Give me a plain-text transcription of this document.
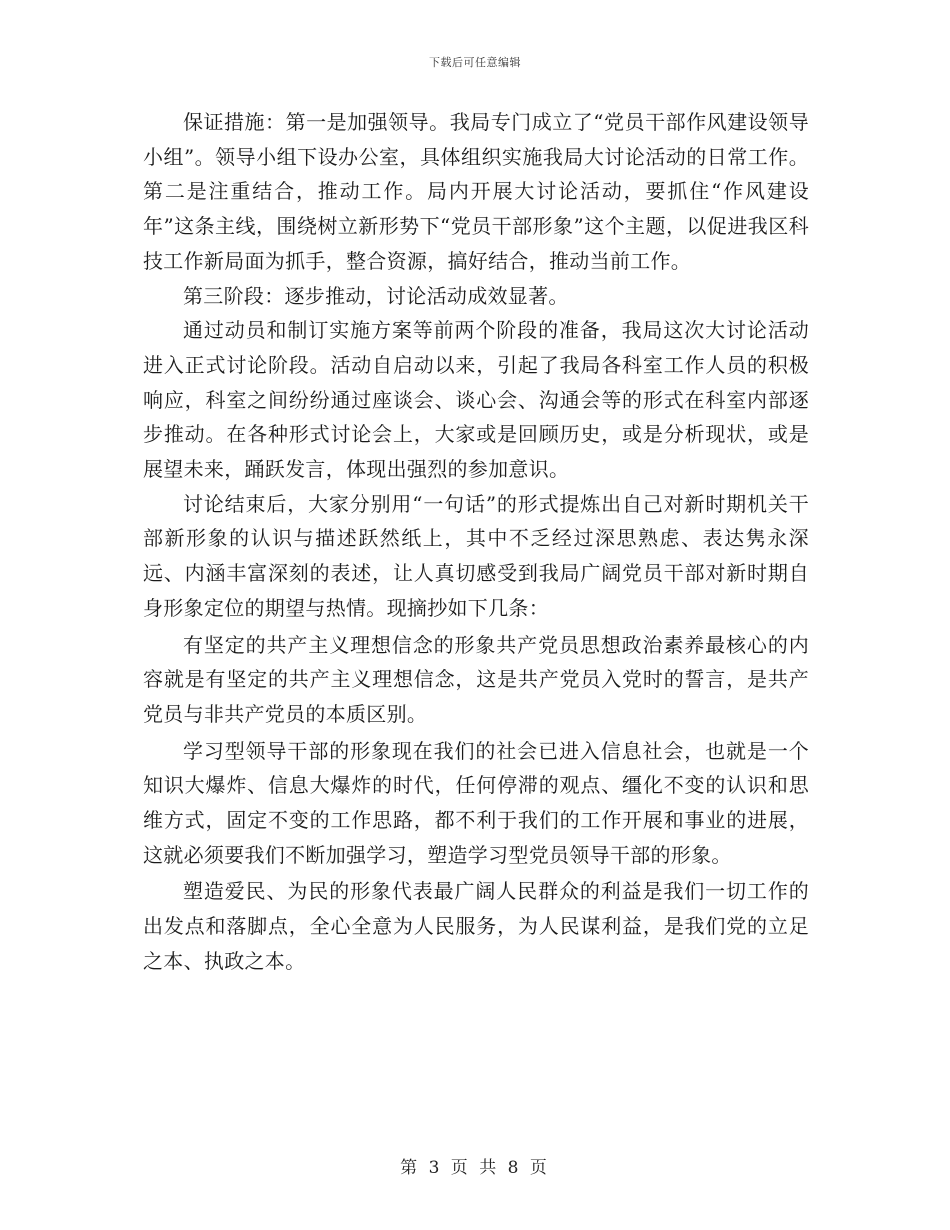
下载后可任意编辑

保证措施：第一是加强领导。我局专门成立了“党员干部作风建设领导小组”。领导小组下设办公室，具体组织实施我局大讨论活动的日常工作。第二是注重结合，推动工作。局内开展大讨论活动，要抓住“作风建设年”这条主线，围绕树立新形势下“党员干部形象”这个主题，以促进我区科技工作新局面为抓手，整合资源，搞好结合，推动当前工作。

第三阶段：逐步推动，讨论活动成效显著。

通过动员和制订实施方案等前两个阶段的准备，我局这次大讨论活动进入正式讨论阶段。活动自启动以来，引起了我局各科室工作人员的积极响应，科室之间纷纷通过座谈会、谈心会、沟通会等的形式在科室内部逐步推动。在各种形式讨论会上，大家或是回顾历史，或是分析现状，或是展望未来，踊跃发言，体现出强烈的参加意识。

讨论结束后，大家分别用“一句话”的形式提炼出自己对新时期机关干部新形象的认识与描述跃然纸上，其中不乏经过深思熟虑、表达隽永深远、内涵丰富深刻的表述，让人真切感受到我局广阔党员干部对新时期自身形象定位的期望与热情。现摘抄如下几条：

有坚定的共产主义理想信念的形象共产党员思想政治素养最核心的内容就是有坚定的共产主义理想信念，这是共产党员入党时的誓言，是共产党员与非共产党员的本质区别。

学习型领导干部的形象现在我们的社会已进入信息社会，也就是一个知识大爆炸、信息大爆炸的时代，任何停滞的观点、缰化不变的认识和思维方式，固定不变的工作思路，都不利于我们的工作开展和事业的进展，这就必须要我们不断加强学习，塑造学习型党员领导干部的形象。

塑造爱民、为民的形象代表最广阔人民群众的利益是我们一切工作的出发点和落脚点，全心全意为人民服务，为人民谋利益，是我们党的立足之本、执政之本。

第 3 页 共 8 页
